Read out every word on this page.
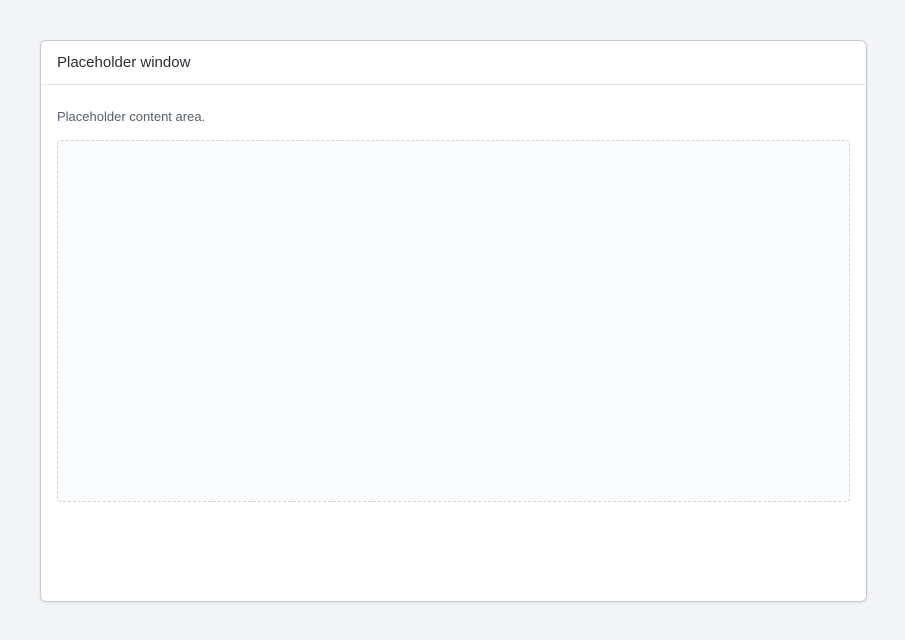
Placeholder window
Placeholder content area.
